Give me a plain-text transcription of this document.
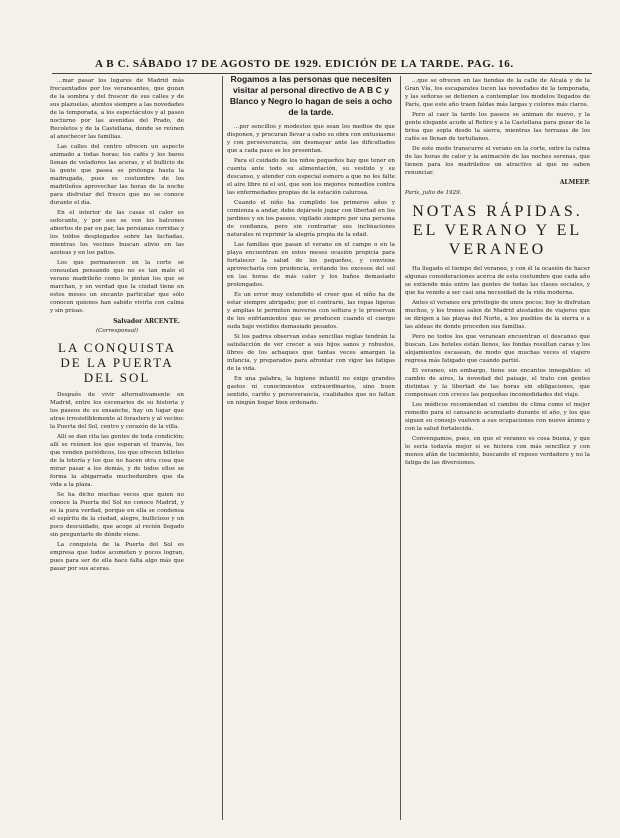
A B C. SÁBADO 17 DE AGOSTO DE 1929. EDICIÓN DE LA TARDE. PAG. 16.

...mar pasar los lugares de Madrid más frecuentados por los veraneantes, que gozan de la sombra y del frescor de sus calles y de sus plazuelas, atentos siempre a las novedades de la temporada, a los espectáculos y al paseo nocturno por las avenidas del Prado, de Recoletos y de la Castellana, donde se reúnen al anochecer las familias.

Las calles del centro ofrecen un aspecto animado a todas horas; los cafés y los bares llenan de veladores las aceras, y el bullicio de la gente que pasea se prolonga hasta la madrugada, pues es costumbre de los madrileños aprovechar las horas de la noche para disfrutar del fresco que no se conoce durante el día.

En el interior de las casas el calor es sofocante, y por eso se ven los balcones abiertos de par en par, las persianas corridas y los toldos desplegados sobre las fachadas, mientras los vecinos buscan alivio en las azoteas y en los patios.

Los que permanecen en la corte se consuelan pensando que no es tan malo el verano madrileño como lo pintan los que se marchan, y en verdad que la ciudad tiene en estos meses un encanto particular que sólo conocen quienes han sabido vivirla con calma y sin prisas.

Salvador ARCENTE.
(Corresponsal)
LA CONQUISTA DE LA PUERTA DEL SOL

Después de vivir alternativamente en Madrid, entre los escenarios de su historia y los paseos de su ensanche, hay un lugar que atrae irresistiblemente al forastero y al vecino: la Puerta del Sol, centro y corazón de la villa.

Allí se dan cita las gentes de toda condición; allí se reúnen los que esperan el tranvía, los que venden periódicos, los que ofrecen billetes de la lotería y los que no hacen otra cosa que mirar pasar a los demás, y de todos ellos se forma la abigarrada muchedumbre que da vida a la plaza.

Se ha dicho muchas veces que quien no conoce la Puerta del Sol no conoce Madrid, y es la pura verdad, porque en ella se condensa el espíritu de la ciudad, alegre, bullicioso y un poco descuidado, que acoge al recién llegado sin preguntarle de dónde viene.

La conquista de la Puerta del Sol es empresa que todos acometen y pocos logran, pues para ser de ella hace falta algo más que pasar por sus aceras.

Rogamos a las personas que necesiten visitar al personal directivo de A B C y Blanco y Negro lo hagan de seis a ocho de la tarde.

...por sencillos y modestos que sean los medios de que disponen, y procuran llevar a cabo su obra con entusiasmo y con perseverancia, sin desmayar ante las dificultades que a cada paso se les presentan.

Para el cuidado de los niños pequeños hay que tener en cuenta ante todo su alimentación, su vestido y su descanso, y atender con especial esmero a que no les falte el aire libre ni el sol, que son los mejores remedios contra las enfermedades propias de la estación calurosa.

Cuando el niño ha cumplido los primeros años y comienza a andar, debe dejársele jugar con libertad en los jardines y en los paseos, vigilado siempre por una persona de confianza, pero sin contrariar sus inclinaciones naturales ni reprimir la alegría propia de la edad.

Las familias que pasan el verano en el campo o en la playa encuentran en estos meses ocasión propicia para fortalecer la salud de los pequeños, y conviene aprovecharla con prudencia, evitando los excesos del sol en las horas de más calor y los baños demasiado prolongados.

Es un error muy extendido el creer que el niño ha de estar siempre abrigado; por el contrario, las ropas ligeras y amplias le permiten moverse con soltura y le preservan de los enfriamientos que se producen cuando el cuerpo suda bajo vestidos demasiado pesados.

Si los padres observan estas sencillas reglas tendrán la satisfacción de ver crecer a sus hijos sanos y robustos, libres de los achaques que tantas veces amargan la infancia, y preparados para afrontar con vigor las fatigas de la vida.

En una palabra, la higiene infantil no exige grandes gastos ni conocimientos extraordinarios, sino buen sentido, cariño y perseverancia, cualidades que no faltan en ningún hogar bien ordenado.

...que se ofrecen en las tiendas de la calle de Alcalá y de la Gran Vía, los escaparates lucen las novedades de la temporada, y las señoras se detienen a contemplar los modelos llegados de París, que este año traen faldas más largas y colores más claros.

Pero al caer la tarde los paseos se animan de nuevo, y la gente elegante acude al Retiro y a la Castellana para gozar de la brisa que sopla desde la sierra, mientras las terrazas de los cafés se llenan de tertulianos.

De este modo transcurre el verano en la corte, entre la calma de las horas de calor y la animación de las noches serenas, que tienen para los madrileños un atractivo al que no saben renunciar.

ALMEEP.
París, julio de 1929.
NOTAS RÁPIDAS. EL VERANO Y EL VERANEO

Ha llegado el tiempo del veraneo, y con él la ocasión de hacer algunas consideraciones acerca de esta costumbre que cada año se extiende más entre las gentes de todas las clases sociales, y que ha venido a ser casi una necesidad de la vida moderna.

Antes el veraneo era privilegio de unos pocos; hoy lo disfrutan muchos, y los trenes salen de Madrid atestados de viajeros que se dirigen a las playas del Norte, a los pueblos de la sierra o a las aldeas de donde proceden sus familias.

Pero no todos los que veranean encuentran el descanso que buscan. Los hoteles están llenos, las fondas resultan caras y los alojamientos escasean, de modo que muchas veces el viajero regresa más fatigado que cuando partió.

El veraneo, sin embargo, tiene sus encantos innegables: el cambio de aires, la novedad del paisaje, el trato con gentes distintas y la libertad de las horas sin obligaciones, que compensan con creces las pequeñas incomodidades del viaje.

Los médicos recomiendan el cambio de clima como el mejor remedio para el cansancio acumulado durante el año, y los que siguen su consejo vuelven a sus ocupaciones con nuevo ánimo y con la salud fortalecida.

Convengamos, pues, en que el veraneo es cosa buena, y que lo sería todavía mejor si se hiciera con más sencillez y con menos afán de lucimiento, buscando el reposo verdadero y no la fatiga de las diversiones.
